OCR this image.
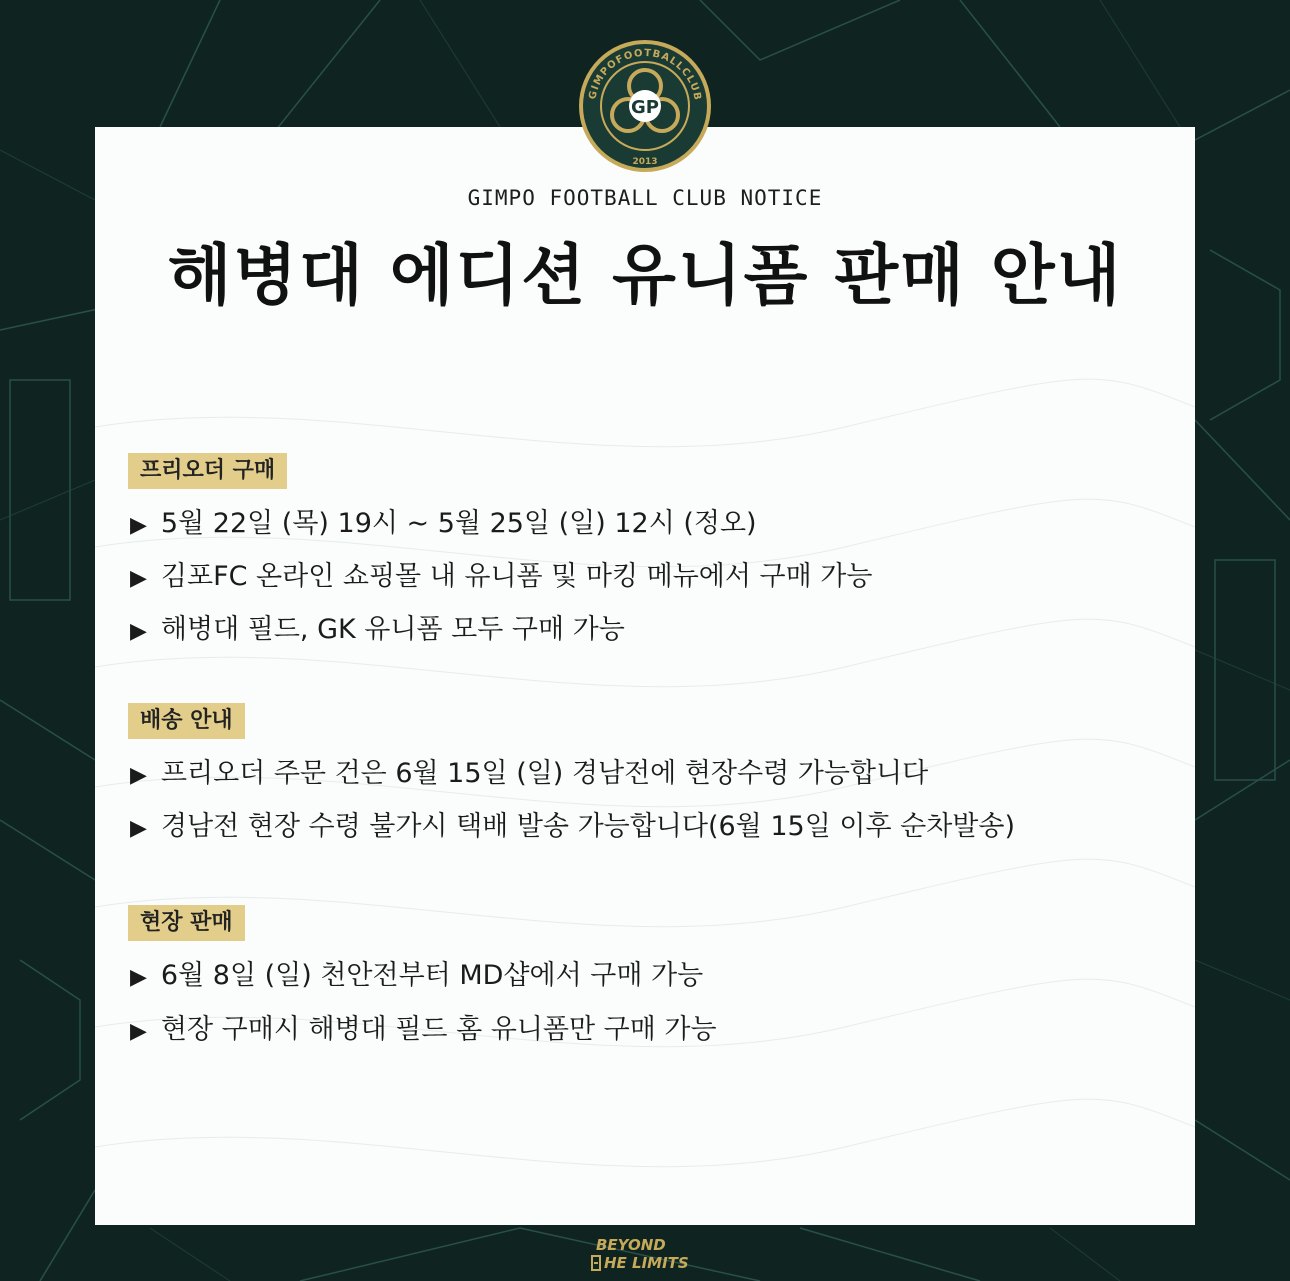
GIMPOFOOTBALLCLUB
GP
2013
GIMPO FOOTBALL CLUB NOTICE
해병대 에디션 유니폼 판매 안내
프리오더 구매
▶ 5월 22일 (목) 19시 ~ 5월 25일 (일) 12시 (정오)
▶ 김포FC 온라인 쇼핑몰 내 유니폼 및 마킹 메뉴에서 구매 가능
▶ 해병대 필드, GK 유니폼 모두 구매 가능
배송 안내
▶ 프리오더 주문 건은 6월 15일 (일) 경남전에 현장수령 가능합니다
▶ 경남전 현장 수령 불가시 택배 발송 가능합니다(6월 15일 이후 순차발송)
현장 판매
▶ 6월 8일 (일) 천안전부터 MD샵에서 구매 가능
▶ 현장 구매시 해병대 필드 홈 유니폼만 구매 가능
BEYOND
HE LIMITS
